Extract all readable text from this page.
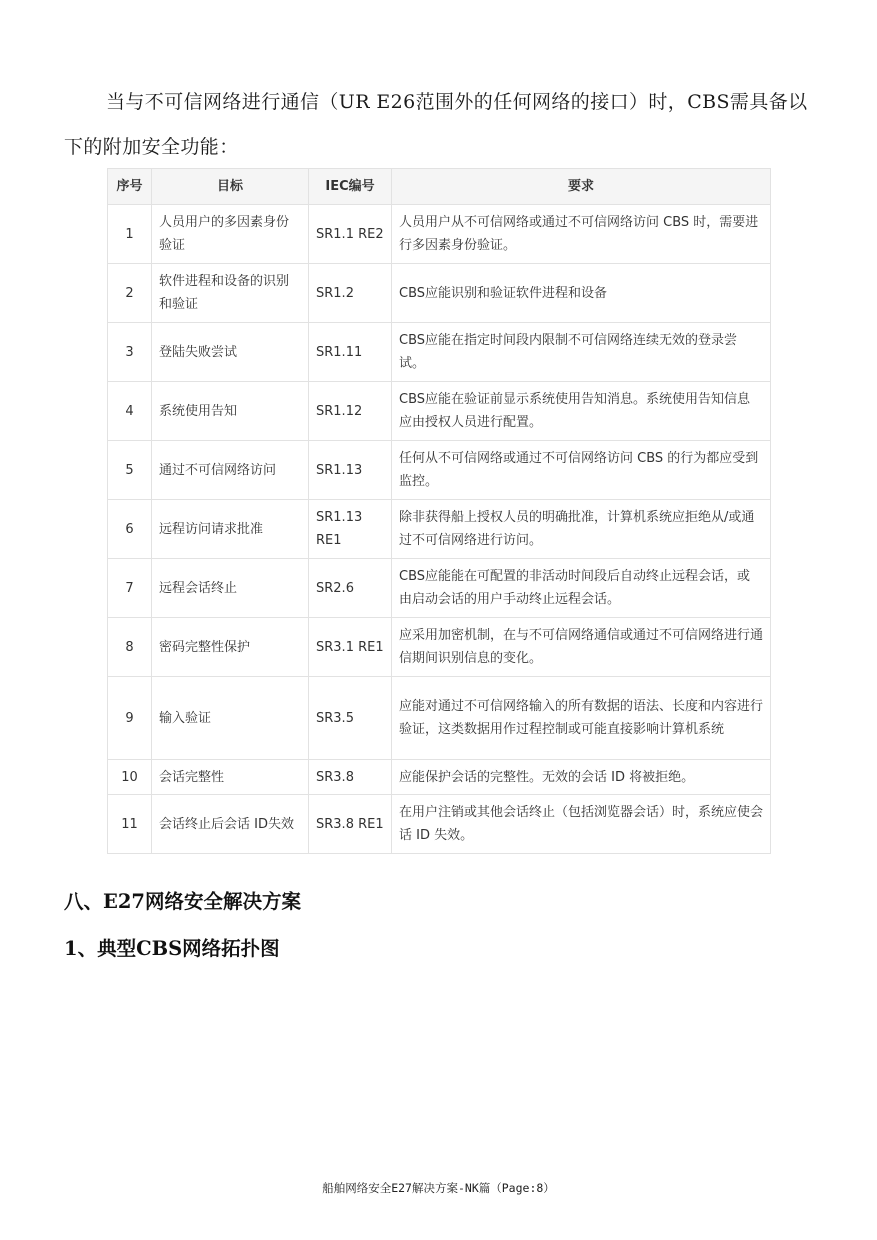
当与不可信网络进行通信（UR E26范围外的任何网络的接口）时，CBS需具备以下的附加安全功能：

序号	目标	IEC编号	要求
1	人员用户的多因素身份验证	SR1.1 RE2	人员用户从不可信网络或通过不可信网络访问 CBS 时，需要进行多因素身份验证。
2	软件进程和设备的识别和验证	SR1.2	CBS应能识别和验证软件进程和设备
3	登陆失败尝试	SR1.11	CBS应能在指定时间段内限制不可信网络连续无效的登录尝试。
4	系统使用告知	SR1.12	CBS应能在验证前显示系统使用告知消息。系统使用告知信息应由授权人员进行配置。
5	通过不可信网络访问	SR1.13	任何从不可信网络或通过不可信网络访问 CBS 的行为都应受到监控。
6	远程访问请求批准	SR1.13 RE1	除非获得船上授权人员的明确批准，计算机系统应拒绝从/或通过不可信网络进行访问。
7	远程会话终止	SR2.6	CBS应能能在可配置的非活动时间段后自动终止远程会话，或由启动会话的用户手动终止远程会话。
8	密码完整性保护	SR3.1 RE1	应采用加密机制，在与不可信网络通信或通过不可信网络进行通信期间识别信息的变化。
9	输入验证	SR3.5	应能对通过不可信网络输入的所有数据的语法、长度和内容进行验证，这类数据用作过程控制或可能直接影响计算机系统
10	会话完整性	SR3.8	应能保护会话的完整性。无效的会话 ID 将被拒绝。
11	会话终止后会话 ID失效	SR3.8 RE1	在用户注销或其他会话终止（包括浏览器会话）时，系统应使会话 ID 失效。
八、E27网络安全解决方案
1、典型CBS网络拓扑图

船舶网络安全E27解决方案-NK篇（Page:8）
